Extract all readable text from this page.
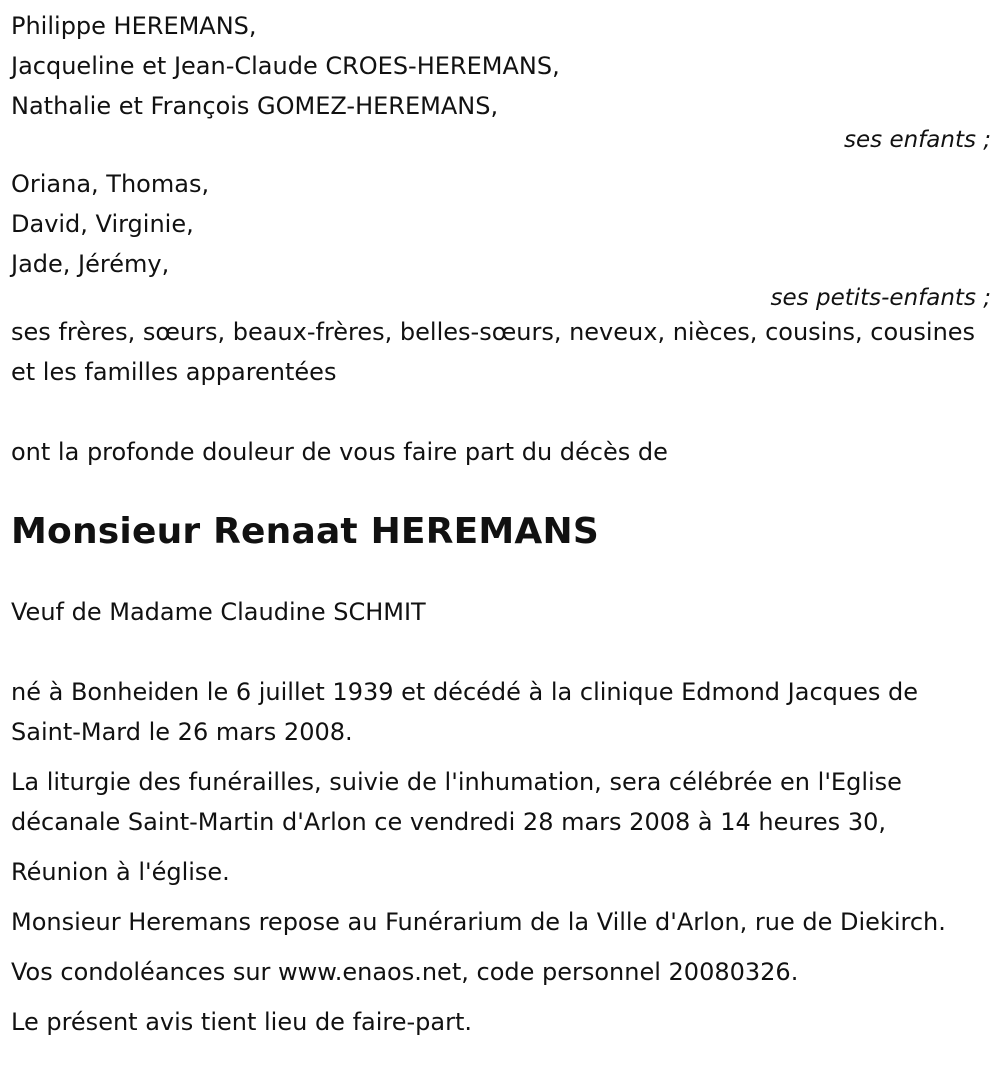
Philippe HEREMANS,
Jacqueline et Jean-Claude CROES-HEREMANS,
Nathalie et François GOMEZ-HEREMANS,
ses enfants ;
Oriana, Thomas,
David, Virginie,
Jade, Jérémy,
ses petits-enfants ;
ses frères, sœurs, beaux-frères, belles-sœurs, neveux, nièces, cousins, cousines et les familles apparentées
ont la profonde douleur de vous faire part du décès de
Monsieur Renaat HEREMANS
Veuf de Madame Claudine SCHMIT
né à Bonheiden le 6 juillet 1939 et décédé à la clinique Edmond Jacques de Saint-Mard le 26 mars 2008.
La liturgie des funérailles, suivie de l'inhumation, sera célébrée en l'Eglise décanale Saint-Martin d'Arlon ce vendredi 28 mars 2008 à 14 heures 30,
Réunion à l'église.
Monsieur Heremans repose au Funérarium de la Ville d'Arlon, rue de Diekirch.
Vos condoléances sur www.enaos.net, code personnel 20080326.
Le présent avis tient lieu de faire-part.
